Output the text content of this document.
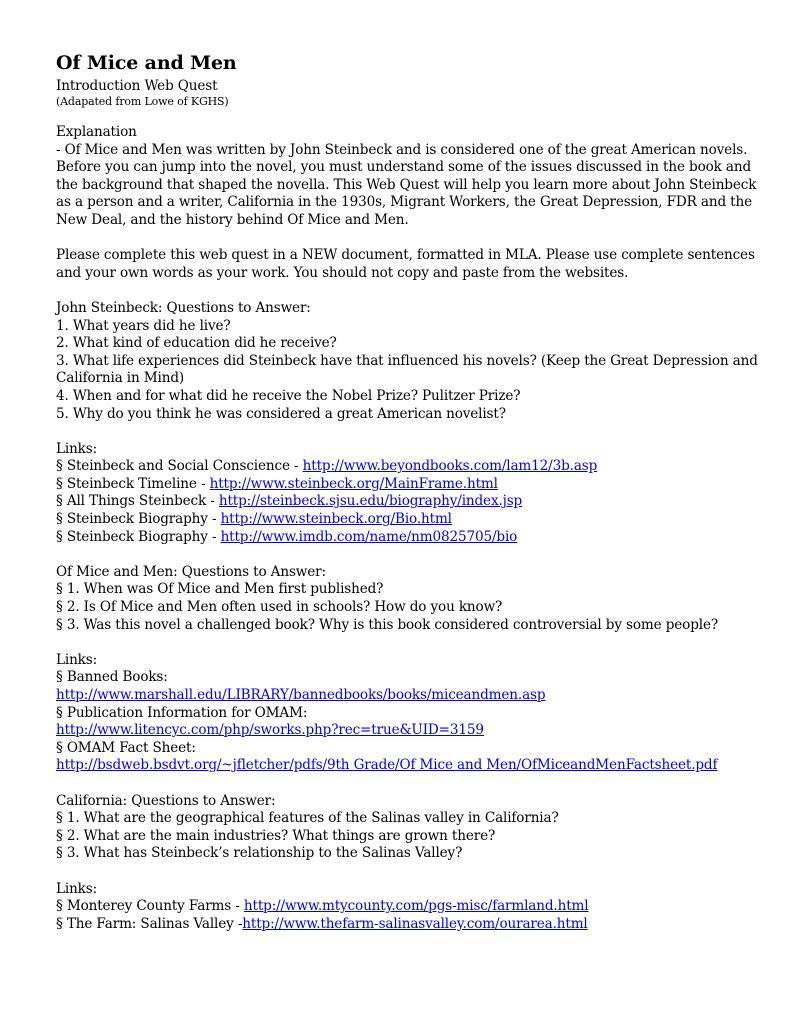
Of Mice and Men
Introduction Web Quest
(Adapated from Lowe of KGHS)
Explanation
- Of Mice and Men was written by John Steinbeck and is considered one of the great American novels. Before you can jump into the novel, you must understand some of the issues discussed in the book and the background that shaped the novella. This Web Quest will help you learn more about John Steinbeck as a person and a writer, California in the 1930s, Migrant Workers, the Great Depression, FDR and the New Deal, and the history behind Of Mice and Men.
Please complete this web quest in a NEW document, formatted in MLA. Please use complete sentences and your own words as your work. You should not copy and paste from the websites.
John Steinbeck: Questions to Answer:
1. What years did he live?
2. What kind of education did he receive?
3. What life experiences did Steinbeck have that influenced his novels? (Keep the Great Depression and California in Mind)
4. When and for what did he receive the Nobel Prize? Pulitzer Prize?
5. Why do you think he was considered a great American novelist?
Links:
§ Steinbeck and Social Conscience - http://www.beyondbooks.com/lam12/3b.asp
§ Steinbeck Timeline - http://www.steinbeck.org/MainFrame.html
§ All Things Steinbeck - http://steinbeck.sjsu.edu/biography/index.jsp
§ Steinbeck Biography - http://www.steinbeck.org/Bio.html
§ Steinbeck Biography - http://www.imdb.com/name/nm0825705/bio
Of Mice and Men: Questions to Answer:
§ 1. When was Of Mice and Men first published?
§ 2. Is Of Mice and Men often used in schools? How do you know?
§ 3. Was this novel a challenged book? Why is this book considered controversial by some people?
Links:
§ Banned Books:
http://www.marshall.edu/LIBRARY/bannedbooks/books/miceandmen.asp
§ Publication Information for OMAM:
http://www.litencyc.com/php/sworks.php?rec=true&UID=3159
§ OMAM Fact Sheet:
http://bsdweb.bsdvt.org/~jfletcher/pdfs/9th Grade/Of Mice and Men/OfMiceandMenFactsheet.pdf
California: Questions to Answer:
§ 1. What are the geographical features of the Salinas valley in California?
§ 2. What are the main industries? What things are grown there?
§ 3. What has Steinbeck’s relationship to the Salinas Valley?
Links:
§ Monterey County Farms - http://www.mtycounty.com/pgs-misc/farmland.html
§ The Farm: Salinas Valley -http://www.thefarm-salinasvalley.com/ourarea.html
